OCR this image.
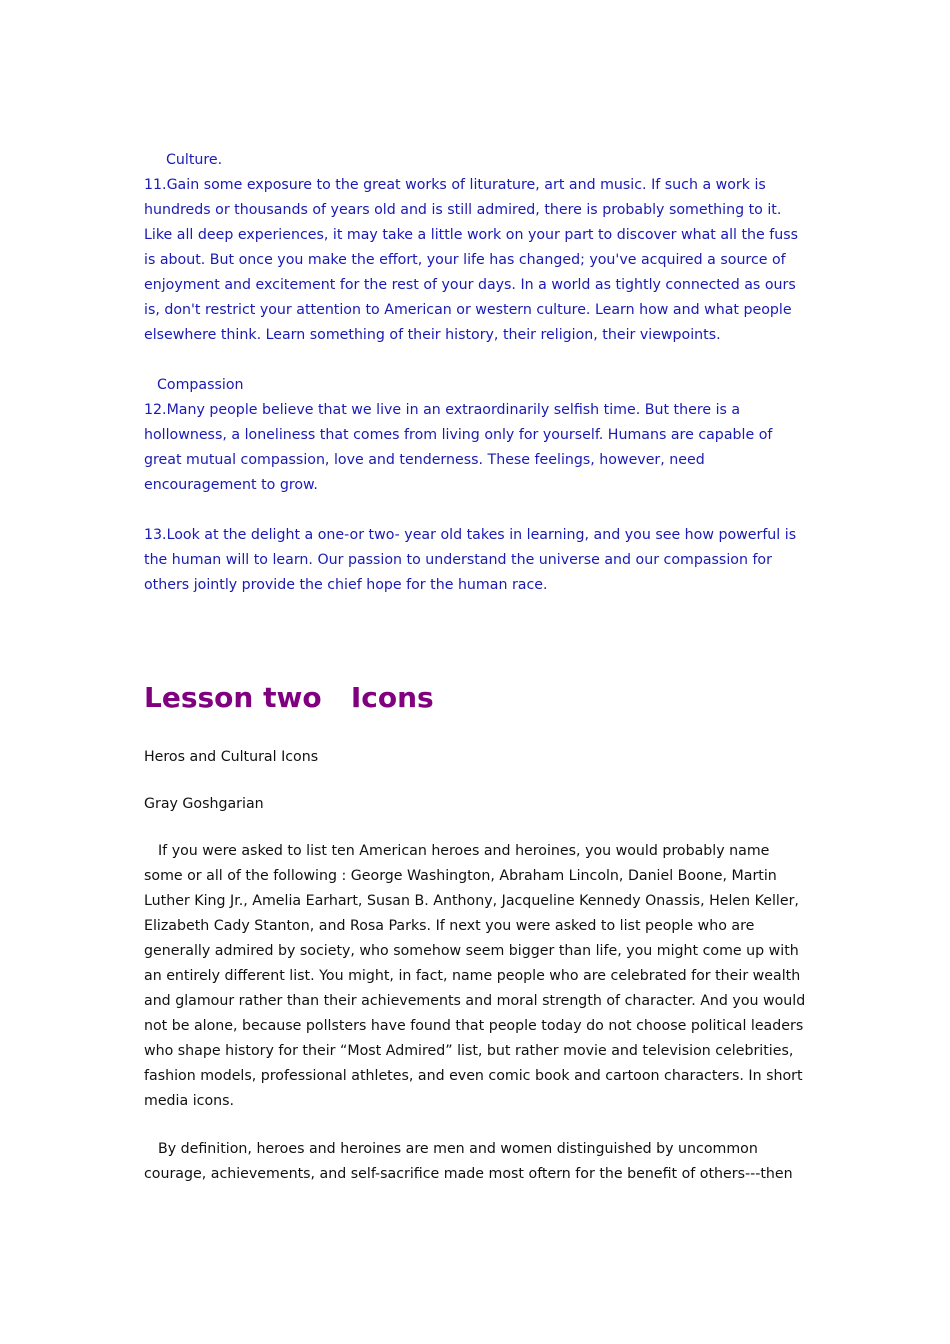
Culture.

11.Gain some exposure to the great works of liturature, art and music. If such a work is hundreds or thousands of years old and is still admired, there is probably something to it. Like all deep experiences, it may take a little work on your part to discover what all the fuss is about. But once you make the effort, your life has changed; you've acquired a source of enjoyment and excitement for the rest of your days. In a world as tightly connected as ours is, don't restrict your attention to American or western culture. Learn how and what people elsewhere think. Learn something of their history, their religion, their viewpoints.

Compassion

12.Many people believe that we live in an extraordinarily selfish time. But there is a hollowness, a loneliness that comes from living only for yourself. Humans are capable of great mutual compassion, love and tenderness. These feelings, however, need encouragement to grow.

13.Look at the delight a one-or two- year old takes in learning, and you see how powerful is the human will to learn. Our passion to understand the universe and our compassion for others jointly provide the chief hope for the human race.

Lesson two   Icons

Heros and Cultural Icons

Gray Goshgarian

If you were asked to list ten American heroes and heroines, you would probably name some or all of the following : George Washington, Abraham Lincoln, Daniel Boone, Martin Luther King Jr., Amelia Earhart, Susan B. Anthony, Jacqueline Kennedy Onassis, Helen Keller, Elizabeth Cady Stanton, and Rosa Parks. If next you were asked to list people who are generally admired by society, who somehow seem bigger than life, you might come up with an entirely different list. You might, in fact, name people who are celebrated for their wealth and glamour rather than their achievements and moral strength of character. And you would not be alone, because pollsters have found that people today do not choose political leaders who shape history for their “Most Admired” list, but rather movie and television celebrities, fashion models, professional athletes, and even comic book and cartoon characters. In short media icons.

By definition, heroes and heroines are men and women distinguished by uncommon courage, achievements, and self-sacrifice made most oftern for the benefit of others---then
